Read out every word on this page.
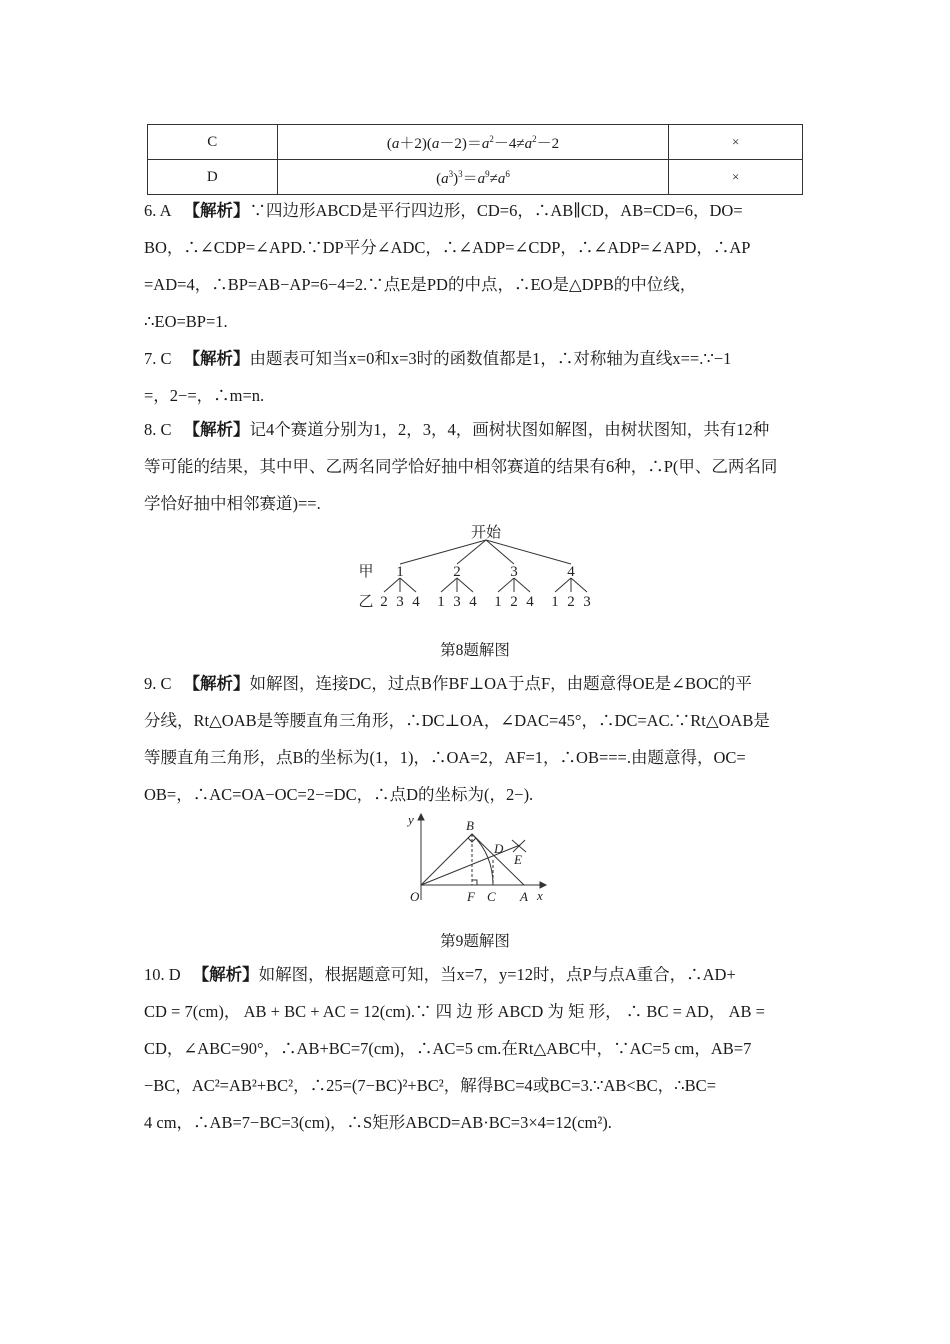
C	$(a+2)(a-2)=a^2-4\ne a^2-2$	×
D	$(a^3)^3=a^9\ne a^6$	×
6. A 【解析】∵四边形ABCD是平行四边形，CD=6，∴AB∥CD，AB=CD=6，DO=
BO，∴∠CDP=∠APD.∵DP平分∠ADC，∴∠ADP=∠CDP，∴∠ADP=∠APD，∴AP
=AD=4，∴BP=AB−AP=6−4=2.∵点E是PD的中点，∴EO是△DPB的中位线，
∴EO=BP=1.
7. C 【解析】由题表可知当x=0和x=3时的函数值都是1，∴对称轴为直线x==.∵−1
=，2−=，∴m=n.
8. C 【解析】记4个赛道分别为1，2，3，4，画树状图如解图，由树状图知，共有12种
等可能的结果，其中甲、乙两名同学恰好抽中相邻赛道的结果有6种，∴P(甲、乙两名同
学恰好抽中相邻赛道)==.
开始
甲
乙
1	2	3	4
2 3 4 1 3 4 1 2 4 1 2 3
第8题解图
9. C 【解析】如解图，连接DC，过点B作BF⊥OA于点F，由题意得OE是∠BOC的平
分线，Rt△OAB是等腰直角三角形，∴DC⊥OA，∠DAC=45°，∴DC=AC.∵Rt△OAB是
等腰直角三角形，点B的坐标为(1，1)，∴OA=2，AF=1，∴OB===.由题意得，OC=
OB=，∴AC=OA−OC=2−=DC，∴点D的坐标为(，2−).
y	B
D
E
O	F C A x
第9题解图
10. D 【解析】如解图，根据题意可知，当x=7，y=12时，点P与点A重合，∴AD+
CD = 7(cm)， AB + BC + AC = 12(cm).∵ 四 边 形 ABCD 为 矩 形， ∴ BC = AD， AB =
CD，∠ABC=90°，∴AB+BC=7(cm)，∴AC=5 cm.在Rt△ABC中，∵AC=5 cm，AB=7
−BC，AC²=AB²+BC²，∴25=(7−BC)²+BC²，解得BC=4或BC=3.∵AB<BC，∴BC=
4 cm，∴AB=7−BC=3(cm)，∴S矩形ABCD=AB·BC=3×4=12(cm²).
